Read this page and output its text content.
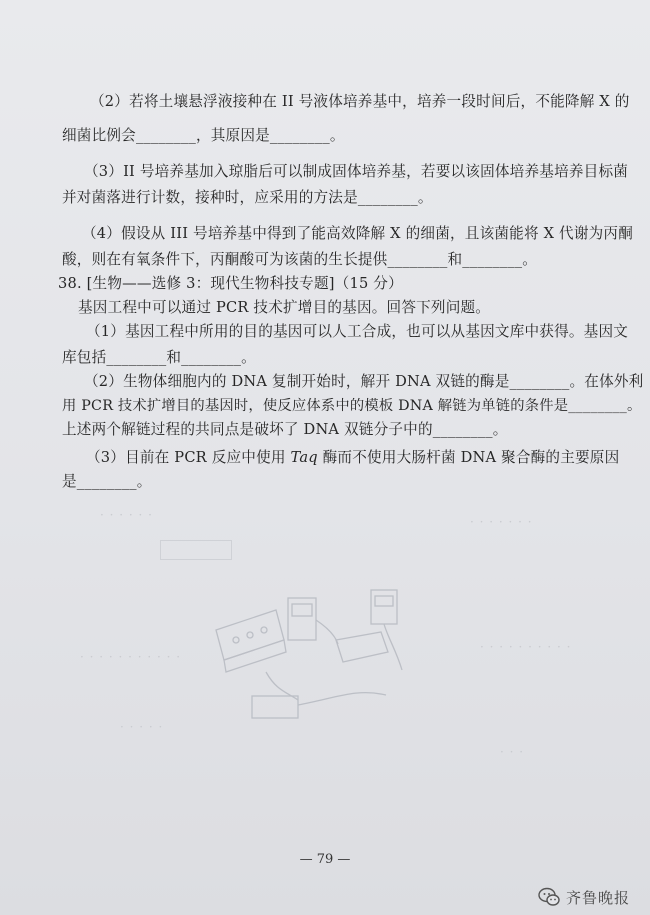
· · · · · ·	· · · · · · ·
· · · · · · · · · ·
· · · · · · · · · · ·
· · ·
· · · · ·
（2）若将土壤悬浮液接种在 II 号液体培养基中，培养一段时间后，不能降解 X 的
细菌比例会________，其原因是________。
（3）II 号培养基加入琼脂后可以制成固体培养基，若要以该固体培养基培养目标菌
并对菌落进行计数，接种时，应采用的方法是________。
（4）假设从 III 号培养基中得到了能高效降解 X 的细菌，且该菌能将 X 代谢为丙酮
酸，则在有氧条件下，丙酮酸可为该菌的生长提供________和________。
38. [生物——选修 3：现代生物科技专题]（15 分）
基因工程中可以通过 PCR 技术扩增目的基因。回答下列问题。
（1）基因工程中所用的目的基因可以人工合成，也可以从基因文库中获得。基因文
库包括________和________。
（2）生物体细胞内的 DNA 复制开始时，解开 DNA 双链的酶是________。在体外利
用 PCR 技术扩增目的基因时，使反应体系中的模板 DNA 解链为单链的条件是________。
上述两个解链过程的共同点是破坏了 DNA 双链分子中的________。
（3）目前在 PCR 反应中使用 Taq 酶而不使用大肠杆菌 DNA 聚合酶的主要原因
是________。
— 79 —
齐鲁晚报
